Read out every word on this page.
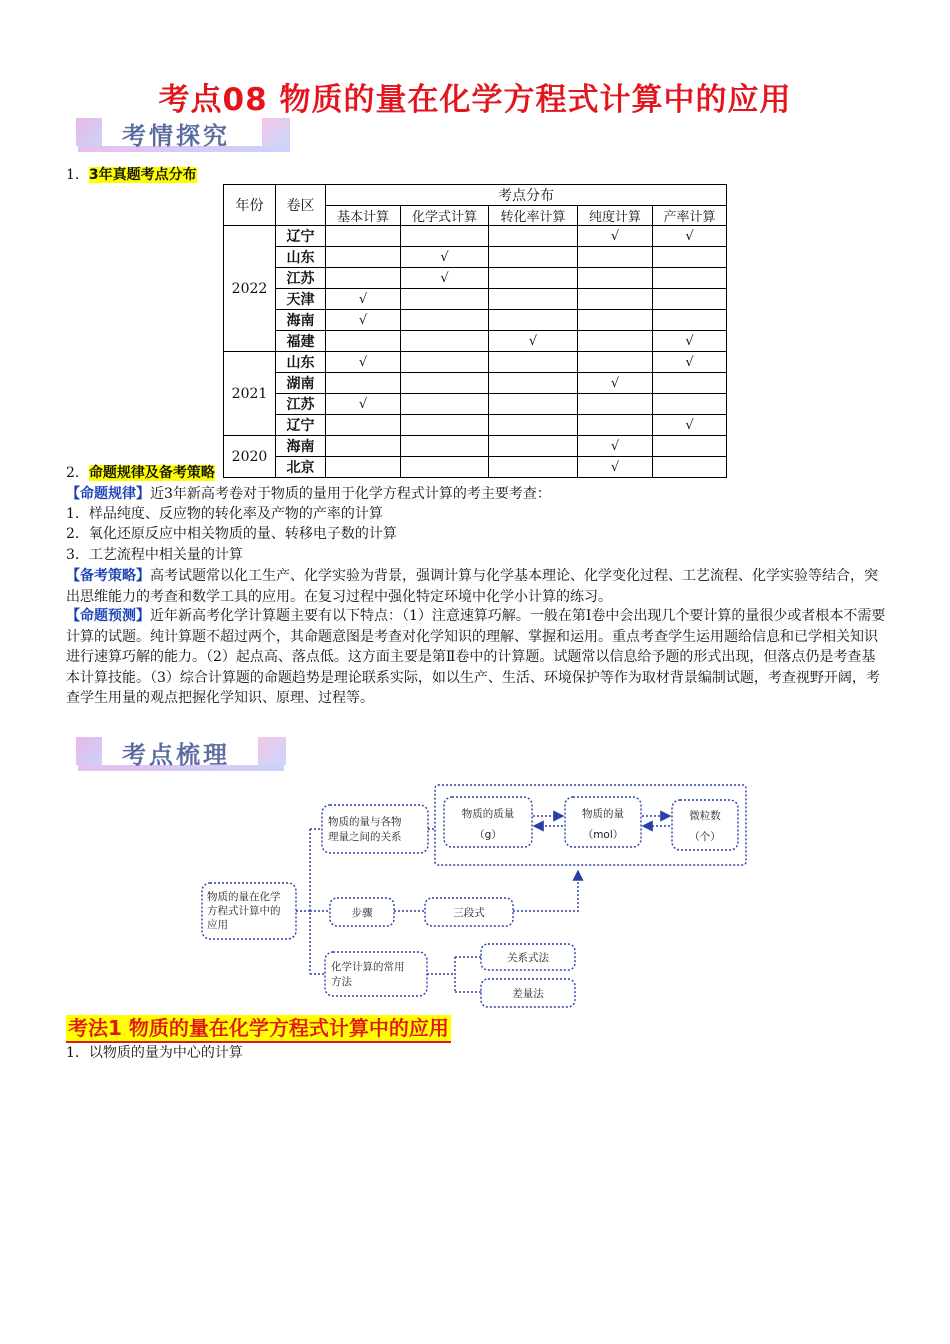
考点08 物质的量在化学方程式计算中的应用
考情探究

1．3年真题考点分布

年份	卷区	考点分布				
		基本计算	化学式计算	转化率计算	纯度计算	产率计算
2022	辽宁				√	√
	山东		√			
	江苏		√			
	天津	√				
	海南	√				
	福建			√		√
2021	山东	√				√
	湖南				√	
	江苏	√				
	辽宁					√
2020	海南				√	
	北京				√	

2．命题规律及备考策略

【命题规律】近3年新高考卷对于物质的量用于化学方程式计算的考主要考查：

1．样品纯度、反应物的转化率及产物的产率的计算

2．氧化还原反应中相关物质的量、转移电子数的计算

3．工艺流程中相关量的计算

【备考策略】高考试题常以化工生产、化学实验为背景，强调计算与化学基本理论、化学变化过程、工艺流程、化学实验等结合，突出思维能力的考查和数学工具的应用。在复习过程中强化特定环境中化学小计算的练习。

【命题预测】近年新高考化学计算题主要有以下特点：（1）注意速算巧解。一般在第Ⅰ卷中会出现几个要计算的量很少或者根本不需要计算的试题。纯计算题不超过两个，其命题意图是考查对化学知识的理解、掌握和运用。重点考查学生运用题给信息和已学相关知识进行速算巧解的能力。（2）起点高、落点低。这方面主要是第Ⅱ卷中的计算题。试题常以信息给予题的形式出现，但落点仍是考查基本计算技能。（3）综合计算题的命题趋势是理论联系实际，如以生产、生活、环境保护等作为取材背景编制试题，考查视野开阔，考查学生用量的观点把握化学知识、原理、过程等。

考点梳理
物质的量在化学
方程式计算中的
应用
物质的量与各物
理量之间的关系
物质的质量
（g）
物质的量
（mol）
微粒数
（个）
步骤	三段式
化学计算的常用
方法
关系式法
差量法
考法1 物质的量在化学方程式计算中的应用

1．以物质的量为中心的计算
